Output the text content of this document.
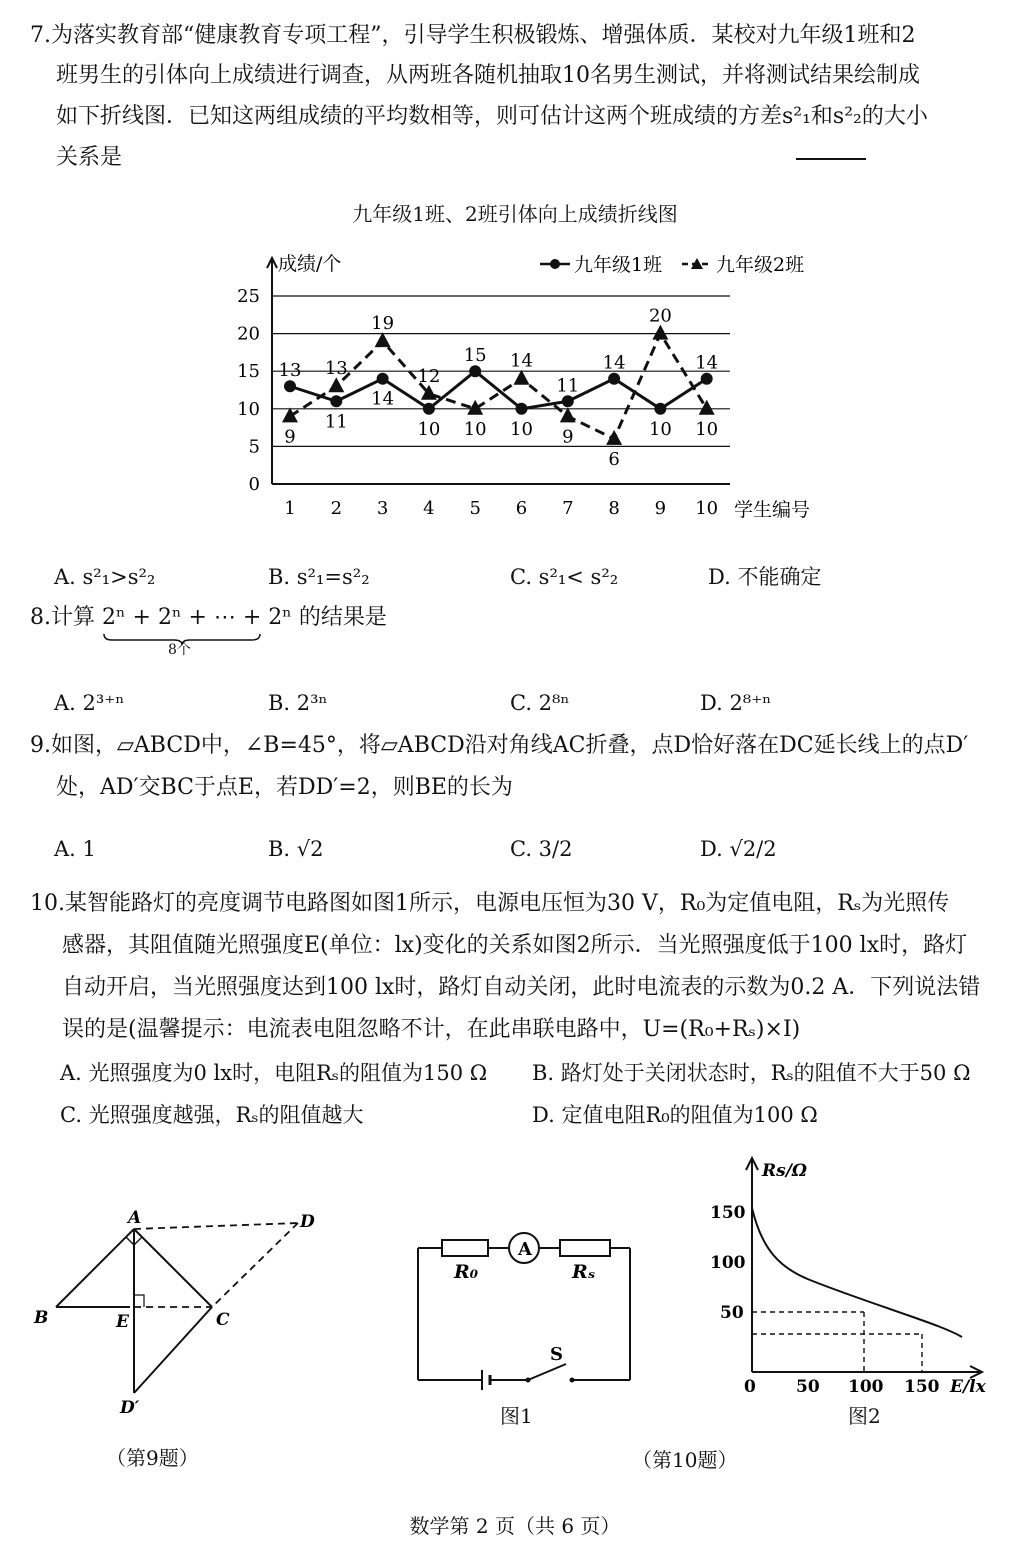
7.为落实教育部“健康教育专项工程”，引导学生积极锻炼、增强体质．某校对九年级1班和2
班男生的引体向上成绩进行调查，从两班各随机抽取10名男生测试，并将测试结果绘制成
如下折线图．已知这两组成绩的平均数相等，则可估计这两个班成绩的方差s²₁和s²₂的大小
关系是
九年级1班、2班引体向上成绩折线图
0
5
10
15
20
25
成绩/个
1 2 3 4 5 6 7 8 9 10 学生编号
九年级1班	九年级2班
13
11
14
10
15
10
11
14
10
14
9
13
19
12
10
14
9
6
20
10
A. s²₁>s²₂	B. s²₁=s²₂	C. s²₁< s²₂	D. 不能确定
8.计算 2ⁿ + 2ⁿ + ⋯ + 2ⁿ
8个
的结果是
A. 2³⁺ⁿ	B. 2³ⁿ	C. 2⁸ⁿ	D. 2⁸⁺ⁿ
9.如图，▱ABCD中，∠B=45°，将▱ABCD沿对角线AC折叠，点D恰好落在DC延长线上的点D′
处，AD′交BC于点E，若DD′=2，则BE的长为
A. 1	B. √2	C. 3/2	D. √2/2
10.某智能路灯的亮度调节电路图如图1所示，电源电压恒为30 V，R₀为定值电阻，Rₛ为光照传
感器，其阻值随光照强度E(单位：lx)变化的关系如图2所示．当光照强度低于100 lx时，路灯
自动开启，当光照强度达到100 lx时，路灯自动关闭，此时电流表的示数为0.2 A．下列说法错
误的是(温馨提示：电流表电阻忽略不计，在此串联电路中，U=(R₀+Rₛ)×I)
A. 光照强度为0 lx时，电阻Rₛ的阻值为150 Ω B. 路灯处于关闭状态时，Rₛ的阻值不大于50 Ω
C. 光照强度越强，Rₛ的阻值越大	D. 定值电阻R₀的阻值为100 Ω
A
B	C
D
E
D′
（第9题）
A
R₀	Rₛ
S
图1
Rs/Ω
E/lx
50
100
150
0 50 100 150
图2
（第10题）
数学第 2 页（共 6 页）
